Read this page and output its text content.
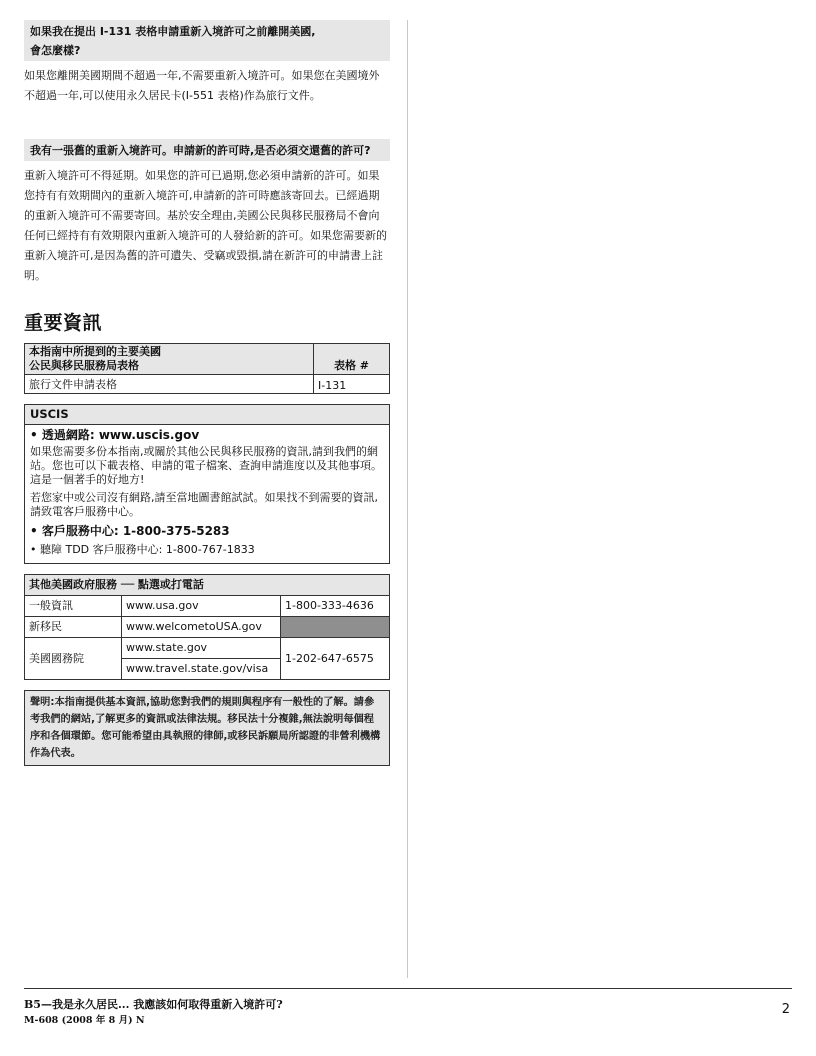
如果我在提出 I-131 表格申請重新入境許可之前離開美國,
會怎麼樣?
如果您離開美國期間不超過一年,不需要重新入境許可。如果您在美國境外不超過一年,可以使用永久居民卡(I-551 表格)作為旅行文件。
我有一張舊的重新入境許可。申請新的許可時,是否必須交還舊的許可?
重新入境許可不得延期。如果您的許可已過期,您必須申請新的許可。如果您持有有效期間內的重新入境許可,申請新的許可時應該寄回去。已經過期的重新入境許可不需要寄回。基於安全理由,美國公民與移民服務局不會向任何已經持有有效期限內重新入境許可的人發給新的許可。如果您需要新的重新入境許可,是因為舊的許可遺失、受竊或毀損,請在新許可的申請書上註明。
重要資訊
本指南中所提到的主要美國
公民與移民服務局表格	表格 #
旅行文件申請表格	I-131
USCIS
• 透過網路: www.uscis.gov
如果您需要多份本指南,或關於其他公民與移民服務的資訊,請到我們的網站。您也可以下載表格、申請的電子檔案、查詢申請進度以及其他事項。這是一個著手的好地方!
若您家中或公司沒有網路,請至當地圖書館試試。如果找不到需要的資訊,請致電客戶服務中心。
• 客戶服務中心: 1-800-375-5283
• 聽障 TDD 客戶服務中心: 1-800-767-1833
其他美國政府服務 ── 點選或打電話		
一般資訊	www.usa.gov	1-800-333-4636
新移民	www.welcometoUSA.gov	
美國國務院	www.state.gov	1-202-647-6575
	www.travel.state.gov/visa	
聲明:本指南提供基本資訊,協助您對我們的規則與程序有一般性的了解。請參考我們的網站,了解更多的資訊或法律法規。移民法十分複雜,無法說明每個程序和各個環節。您可能希望由具執照的律師,或移民訴願局所認證的非營利機構作為代表。
B5—我是永久居民... 我應該如何取得重新入境許可?
M-608 (2008 年 8 月) N
2
